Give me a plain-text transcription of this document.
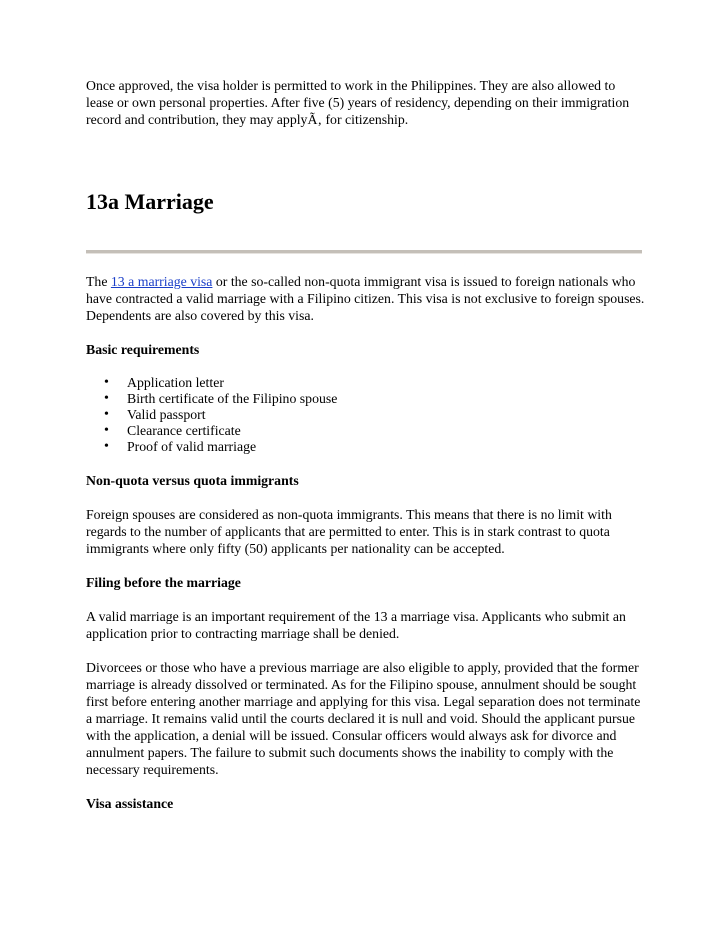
Once approved, the visa holder is permitted to work in the Philippines. They are also allowed to lease or own personal properties. After five (5) years of residency, depending on their immigration record and contribution, they may applyÃ‚ for citizenship.

13a Marriage

The 13 a marriage visa or the so-called non-quota immigrant visa is issued to foreign nationals who have contracted a valid marriage with a Filipino citizen. This visa is not exclusive to foreign spouses. Dependents are also covered by this visa.

Basic requirements

• Application letter
• Birth certificate of the Filipino spouse
• Valid passport
• Clearance certificate
• Proof of valid marriage

Non-quota versus quota immigrants

Foreign spouses are considered as non-quota immigrants. This means that there is no limit with regards to the number of applicants that are permitted to enter. This is in stark contrast to quota immigrants where only fifty (50) applicants per nationality can be accepted.

Filing before the marriage

A valid marriage is an important requirement of the 13 a marriage visa. Applicants who submit an application prior to contracting marriage shall be denied.

Divorcees or those who have a previous marriage are also eligible to apply, provided that the former marriage is already dissolved or terminated. As for the Filipino spouse, annulment should be sought first before entering another marriage and applying for this visa. Legal separation does not terminate a marriage. It remains valid until the courts declared it is null and void. Should the applicant pursue with the application, a denial will be issued. Consular officers would always ask for divorce and annulment papers. The failure to submit such documents shows the inability to comply with the necessary requirements.

Visa assistance
